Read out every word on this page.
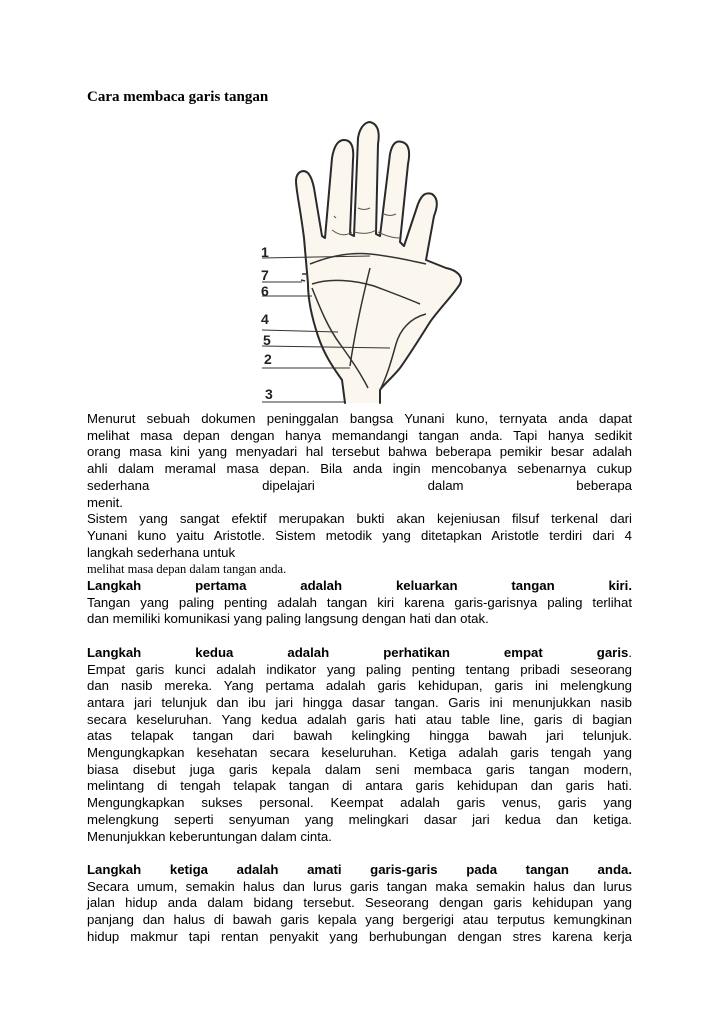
Cara membaca garis tangan
1
7
6
4
5
2
3
Menurut sebuah dokumen peninggalan bangsa Yunani kuno, ternyata anda dapat
melihat masa depan dengan hanya memandangi tangan anda. Tapi hanya sedikit
orang masa kini yang menyadari hal tersebut bahwa beberapa pemikir besar adalah
ahli dalam meramal masa depan. Bila anda ingin mencobanya sebenarnya cukup
sederhana dipelajari dalam beberapa menit.
Sistem yang sangat efektif merupakan bukti akan kejeniusan filsuf terkenal dari
Yunani kuno yaitu Aristotle. Sistem metodik yang ditetapkan Aristotle terdiri dari 4
langkah sederhana untuk
melihat masa depan dalam tangan anda.
Langkah pertama adalah keluarkan tangan kiri.
Tangan yang paling penting adalah tangan kiri karena garis-garisnya paling terlihat
dan memiliki komunikasi yang paling langsung dengan hati dan otak.
Langkah kedua adalah perhatikan empat garis.
Empat garis kunci adalah indikator yang paling penting tentang pribadi seseorang
dan nasib mereka. Yang pertama adalah garis kehidupan, garis ini melengkung
antara jari telunjuk dan ibu jari hingga dasar tangan. Garis ini menunjukkan nasib
secara keseluruhan. Yang kedua adalah garis hati atau table line, garis di bagian
atas telapak tangan dari bawah kelingking hingga bawah jari telunjuk.
Mengungkapkan kesehatan secara keseluruhan. Ketiga adalah garis tengah yang
biasa disebut juga garis kepala dalam seni membaca garis tangan modern,
melintang di tengah telapak tangan di antara garis kehidupan dan garis hati.
Mengungkapkan sukses personal. Keempat adalah garis venus, garis yang
melengkung seperti senyuman yang melingkari dasar jari kedua dan ketiga.
Menunjukkan keberuntungan dalam cinta.
Langkah ketiga adalah amati garis-garis pada tangan anda.
Secara umum, semakin halus dan lurus garis tangan maka semakin halus dan lurus
jalan hidup anda dalam bidang tersebut. Seseorang dengan garis kehidupan yang
panjang dan halus di bawah garis kepala yang bergerigi atau terputus kemungkinan
hidup makmur tapi rentan penyakit yang berhubungan dengan stres karena kerja
